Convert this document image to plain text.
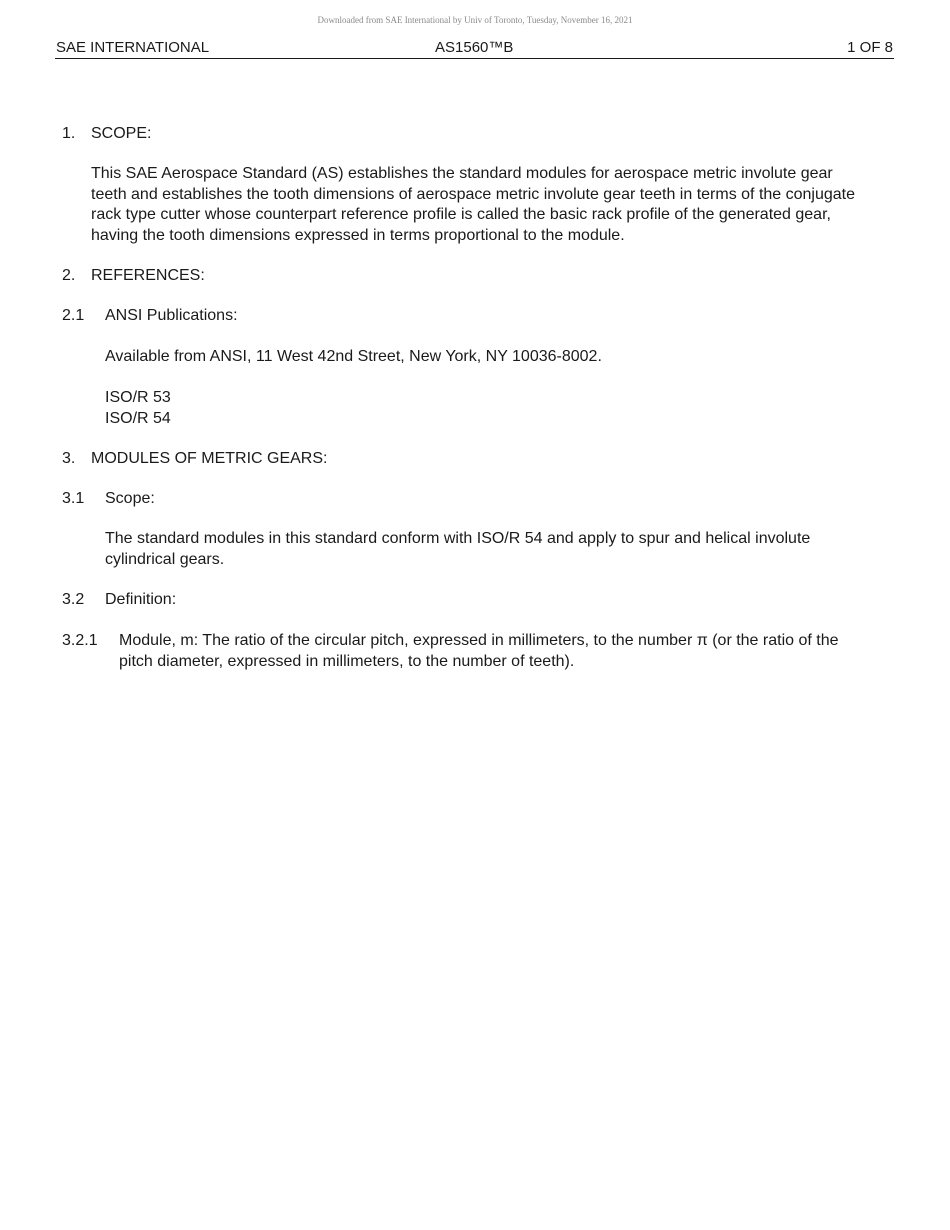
Downloaded from SAE International by Univ of Toronto, Tuesday, November 16, 2021
SAE INTERNATIONAL	AS1560™B	1 OF 8
1. SCOPE:

This SAE Aerospace Standard (AS) establishes the standard modules for aerospace metric involute gear teeth and establishes the tooth dimensions of aerospace metric involute gear teeth in terms of the conjugate rack type cutter whose counterpart reference profile is called the basic rack profile of the generated gear, having the tooth dimensions expressed in terms proportional to the module.

2. REFERENCES:
2.1 ANSI Publications:

Available from ANSI, 11 West 42nd Street, New York, NY 10036-8002.

ISO/R 53

ISO/R 54

3. MODULES OF METRIC GEARS:
3.1 Scope:

The standard modules in this standard conform with ISO/R 54 and apply to spur and helical involute cylindrical gears.

3.2 Definition:
3.2.1 Module, m: The ratio of the circular pitch, expressed in millimeters, to the number π (or the ratio of the pitch diameter, expressed in millimeters, to the number of teeth).
